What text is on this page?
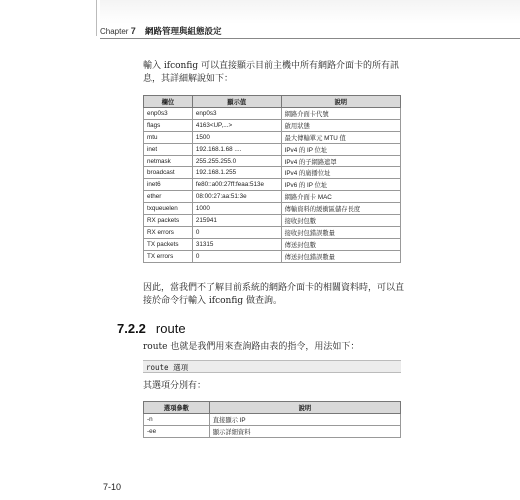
Chapter 7 網路管理與組態設定
輸入 ifconfig 可以直接顯示目前主機中所有網路介面卡的所有訊息，其詳細解說如下：
欄位	顯示值	說明
enp0s3	enp0s3	網路介面卡代號
flags	4163<UP,...>	啟用狀態
mtu	1500	最大傳輸單元 MTU 值
inet	192.168.1.68 ....	IPv4 的 IP 位址
netmask	255.255.255.0	IPv4 的子網路遮罩
broadcast	192.168.1.255	IPv4 的廣播位址
inet6	fe80::a00:27ff:feaa:513e	IPv6 的 IP 位址
ether	08:00:27:aa:51:3e	網路介面卡 MAC
txqueuelen	1000	傳輸資料的緩衝區儲存長度
RX packets	215941	接收封包數
RX errors	0	接收封包錯誤數量
TX packets	31315	傳送封包數
TX errors	0	傳送封包錯誤數量
因此，當我們不了解目前系統的網路介面卡的相關資料時，可以直接於命令行輸入 ifconfig 做查詢。
7.2.2 route
route 也就是我們用來查詢路由表的指令，用法如下：
route 選項
其選項分別有：
選項參數	說明
-n	直接顯示 IP
-ee	顯示詳細資料
7-10
